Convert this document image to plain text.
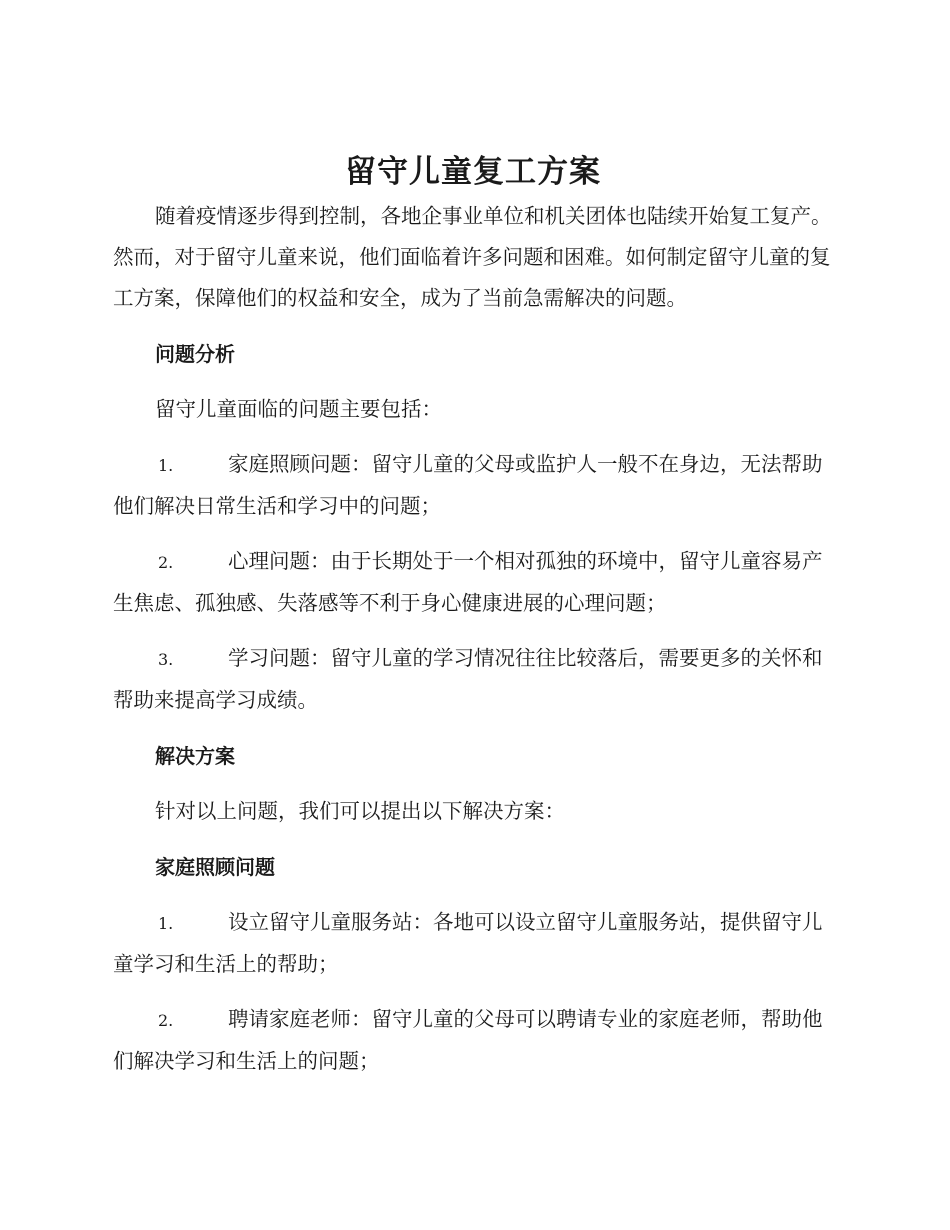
留守儿童复工方案

随着疫情逐步得到控制，各地企事业单位和机关团体也陆续开始复工复产。然而，对于留守儿童来说，他们面临着许多问题和困难。如何制定留守儿童的复工方案，保障他们的权益和安全，成为了当前急需解决的问题。

问题分析

留守儿童面临的问题主要包括：

1.	家庭照顾问题：留守儿童的父母或监护人一般不在身边，无法帮助他们解决日常生活和学习中的问题；

2.	心理问题：由于长期处于一个相对孤独的环境中，留守儿童容易产生焦虑、孤独感、失落感等不利于身心健康进展的心理问题；

3.	学习问题：留守儿童的学习情况往往比较落后，需要更多的关怀和帮助来提高学习成绩。

解决方案

针对以上问题，我们可以提出以下解决方案：

家庭照顾问题

1.	设立留守儿童服务站：各地可以设立留守儿童服务站，提供留守儿童学习和生活上的帮助；

2.	聘请家庭老师：留守儿童的父母可以聘请专业的家庭老师，帮助他们解决学习和生活上的问题；
